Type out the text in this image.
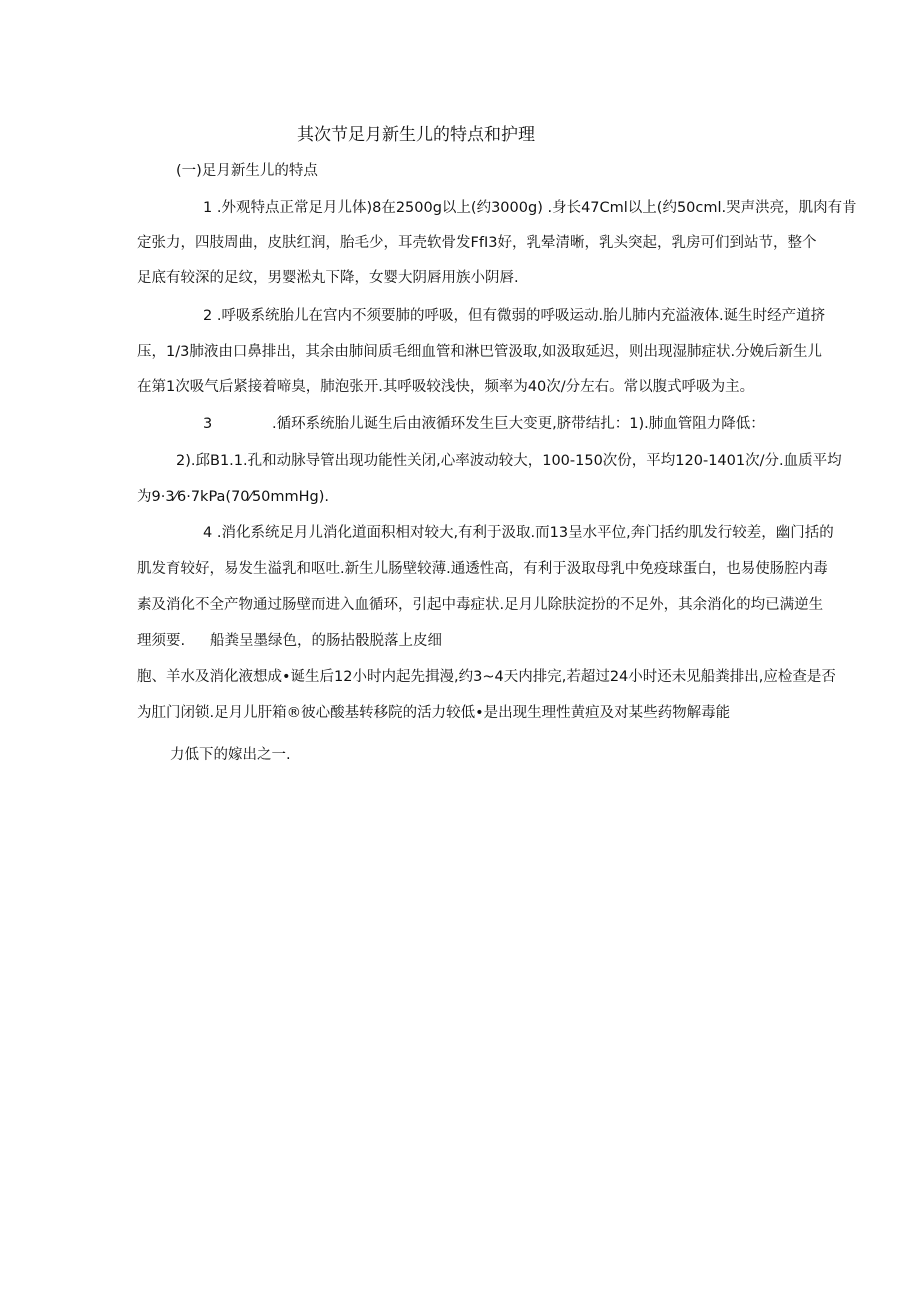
其次节足月新生儿的特点和护理
(一)足月新生儿的特点
1 .外观特点正常足月儿体)8在2500g以上(约3000g) .身长47Cml以上(约50cml.哭声洪亮，肌肉有肯
定张力，四肢周曲，皮肤红润，胎毛少，耳壳软骨发FfI3好，乳晕清晰，乳头突起，乳房可们到站节，整个
足底有较深的足纹，男婴淞丸下降，女婴大阴唇用族小阴唇.
2 .呼吸系统胎儿在宫内不须要肺的呼吸，但有微弱的呼吸运动.胎儿肺内充溢液体.诞生时经产道挤
压，1/3肺液由口鼻排出，其余由肺间质毛细血管和淋巴管汲取,如汲取延迟，则出现湿肺症状.分娩后新生儿
在第1次吸气后紧接着啼臭，肺泡张开.其呼吸较浅快，频率为40次/分左右。常以腹式呼吸为主。
3	.循环系统胎儿诞生后由液循环发生巨大变更,脐带结扎：1).肺血管阻力降低：
2).邱B1.1.孔和动脉导管出现功能性关闭,心率波动较大，100-150次份，平均120-1401次/分.血质平均
为9·3⁄6·7kPa(70⁄50mmHg).
4 .消化系统足月儿消化道面积相对较大,有利于汲取.而13呈水平位,奔门括约肌发行较差，幽门括的
肌发育较好，易发生溢乳和呕吐.新生儿肠壁较薄.通透性高，有利于汲取母乳中免疫球蛋白，也易使肠腔内毒
素及消化不全产物通过肠壁而进入血循环，引起中毒症状.足月儿除肤淀扮的不足外，其余消化的均已满逆生
理须要. 船粪呈墨绿色，的肠拈骰脱落上皮细
胞、羊水及消化液想成•诞生后12小时内起先揖漫,约3~4天内排完,若超过24小时还未见船粪排出,应检查是否
为肛门闭锁.足月儿肝箱®彼心酸基转移院的活力较低•是出现生理性黄疸及对某些药物解毒能
力低下的嫁出之一.
